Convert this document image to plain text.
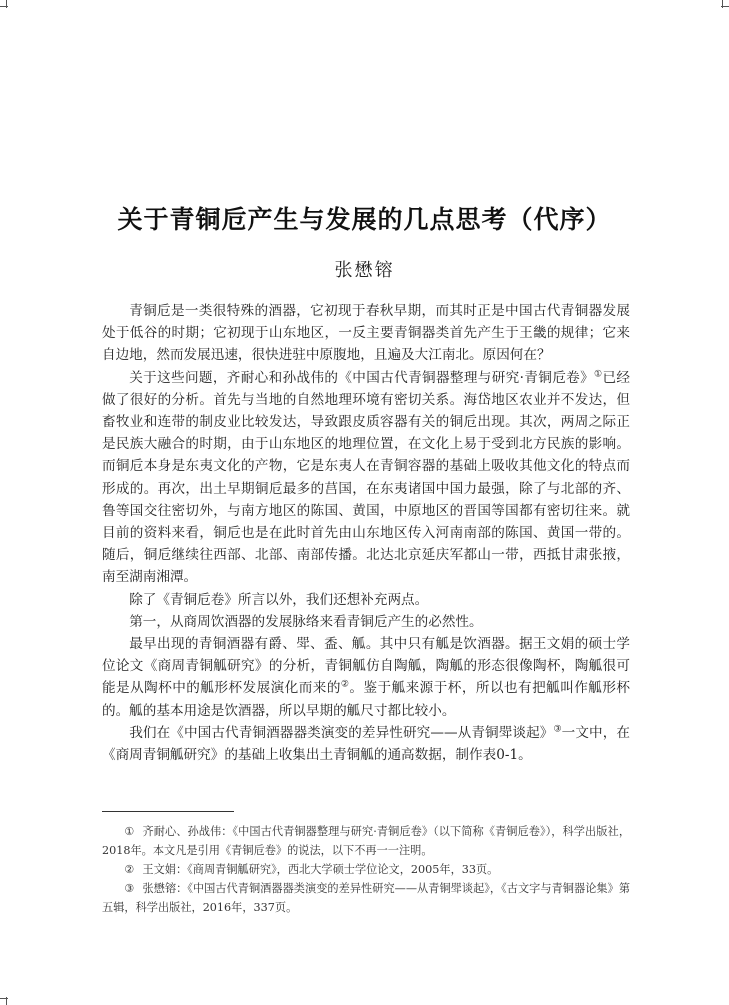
关于青铜卮产生与发展的几点思考（代序）
张懋镕

青铜卮是一类很特殊的酒器，它初现于春秋早期，而其时正是中国古代青铜器发展处于低谷的时期；它初现于山东地区，一反主要青铜器类首先产生于王畿的规律；它来自边地，然而发展迅速，很快进驻中原腹地，且遍及大江南北。原因何在？

关于这些问题，齐耐心和孙战伟的《中国古代青铜器整理与研究·青铜卮卷》①已经做了很好的分析。首先与当地的自然地理环境有密切关系。海岱地区农业并不发达，但畜牧业和连带的制皮业比较发达，导致跟皮质容器有关的铜卮出现。其次，两周之际正是民族大融合的时期，由于山东地区的地理位置，在文化上易于受到北方民族的影响。而铜卮本身是东夷文化的产物，它是东夷人在青铜容器的基础上吸收其他文化的特点而形成的。再次，出土早期铜卮最多的莒国，在东夷诸国中国力最强，除了与北部的齐、鲁等国交往密切外，与南方地区的陈国、黄国，中原地区的晋国等国都有密切往来。就目前的资料来看，铜卮也是在此时首先由山东地区传入河南南部的陈国、黄国一带的。随后，铜卮继续往西部、北部、南部传播。北达北京延庆军都山一带，西抵甘肃张掖，南至湖南湘潭。

除了《青铜卮卷》所言以外，我们还想补充两点。

第一，从商周饮酒器的发展脉络来看青铜卮产生的必然性。

最早出现的青铜酒器有爵、斝、盉、觚。其中只有觚是饮酒器。据王文娟的硕士学位论文《商周青铜觚研究》的分析，青铜觚仿自陶觚，陶觚的形态很像陶杯，陶觚很可能是从陶杯中的觚形杯发展演化而来的②。鉴于觚来源于杯，所以也有把觚叫作觚形杯的。觚的基本用途是饮酒器，所以早期的觚尺寸都比较小。

我们在《中国古代青铜酒器器类演变的差异性研究——从青铜斝谈起》③一文中，在《商周青铜觚研究》的基础上收集出土青铜觚的通高数据，制作表0-1。

① 齐耐心、孙战伟：《中国古代青铜器整理与研究·青铜卮卷》（以下简称《青铜卮卷》），科学出版社，2018年。本文凡是引用《青铜卮卷》的说法，以下不再一一注明。

② 王文娟：《商周青铜觚研究》，西北大学硕士学位论文，2005年，33页。

③ 张懋镕：《中国古代青铜酒器器类演变的差异性研究——从青铜斝谈起》，《古文字与青铜器论集》第五辑，科学出版社，2016年，337页。
